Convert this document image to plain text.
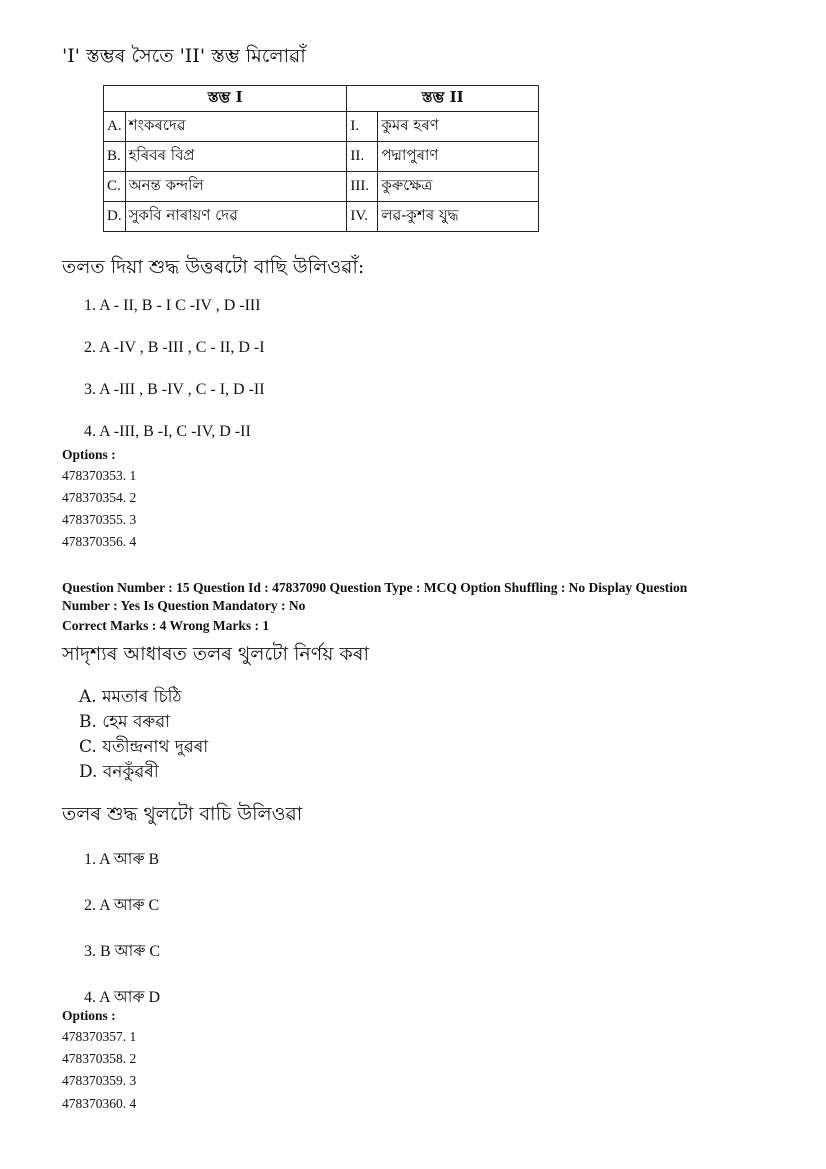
'I' স্তম্ভৰ সৈতে 'II' স্তম্ভ মিলোৱাঁ
স্তম্ভ I		স্তম্ভ II	
A.	শংকৰদেৱ	I.	কুমৰ হৰণ
B.	হৰিবৰ বিপ্ৰ	II.	পদ্মাপুৰাণ
C.	অনন্ত কন্দলি	III.	কুৰুক্ষেত্ৰ
D.	সুকবি নাৰায়ণ দেৱ	IV.	লৱ-কুশৰ যুদ্ধ
তলত দিয়া শুদ্ধ উত্তৰটো বাছি উলিওৱাঁ:
1. A - II, B - I C -IV , D -III
2. A -IV , B -III , C - II, D -I
3. A -III , B -IV , C - I, D -II
4. A -III, B -I, C -IV, D -II
Options :
478370353. 1
478370354. 2
478370355. 3
478370356. 4
Question Number : 15 Question Id : 47837090 Question Type : MCQ Option Shuffling : No Display Question
Number : Yes Is Question Mandatory : No
Correct Marks : 4 Wrong Marks : 1
সাদৃশ্যৰ আধাৰত তলৰ থুলটো নিৰ্ণয় কৰা
A. মমতাৰ চিঠি
B. হেম বৰুৱা
C. যতীন্দ্ৰনাথ দুৱৰা
D. বনকুঁৱৰী
তলৰ শুদ্ধ থুলটো বাচি উলিওৱা
1. A আৰু B
2. A আৰু C
3. B আৰু C
4. A আৰু D
Options :
478370357. 1
478370358. 2
478370359. 3
478370360. 4
